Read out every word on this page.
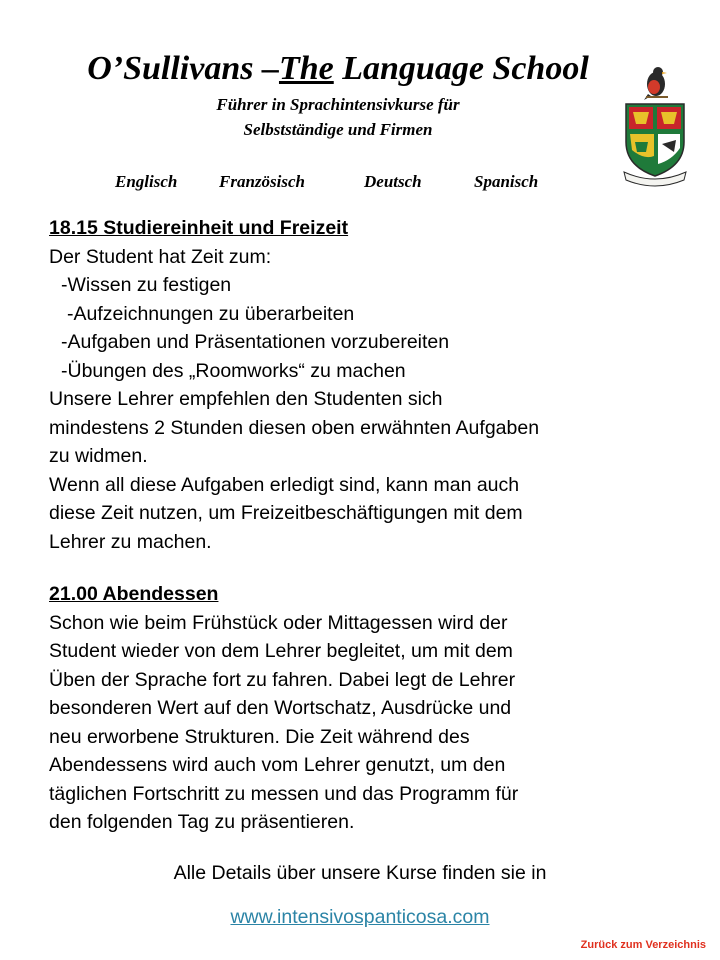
O’Sullivans –The Language School
Führer in Sprachintensivkurse für
Selbstständige und Firmen
Englisch Französisch	Deutsch	Spanisch

18.15 Studiereinheit und Freizeit

Der Student hat Zeit zum:

-Wissen zu festigen

-Aufzeichnungen zu überarbeiten

-Aufgaben und Präsentationen vorzubereiten

-Übungen des „Roomworks“ zu machen

Unsere Lehrer empfehlen den Studenten sich

mindestens 2 Stunden diesen oben erwähnten Aufgaben

zu widmen.

Wenn all diese Aufgaben erledigt sind, kann man auch

diese Zeit nutzen, um Freizeitbeschäftigungen mit dem

Lehrer zu machen.

21.00 Abendessen

Schon wie beim Frühstück oder Mittagessen wird der

Student wieder von dem Lehrer begleitet, um mit dem

Üben der Sprache fort zu fahren. Dabei legt de Lehrer

besonderen Wert auf den Wortschatz, Ausdrücke und

neu erworbene Strukturen. Die Zeit während des

Abendessens wird auch vom Lehrer genutzt, um den

täglichen Fortschritt zu messen und das Programm für

den folgenden Tag zu präsentieren.

Alle Details über unsere Kurse finden sie in
www.intensivospanticosa.com
Zurück zum Verzeichnis
